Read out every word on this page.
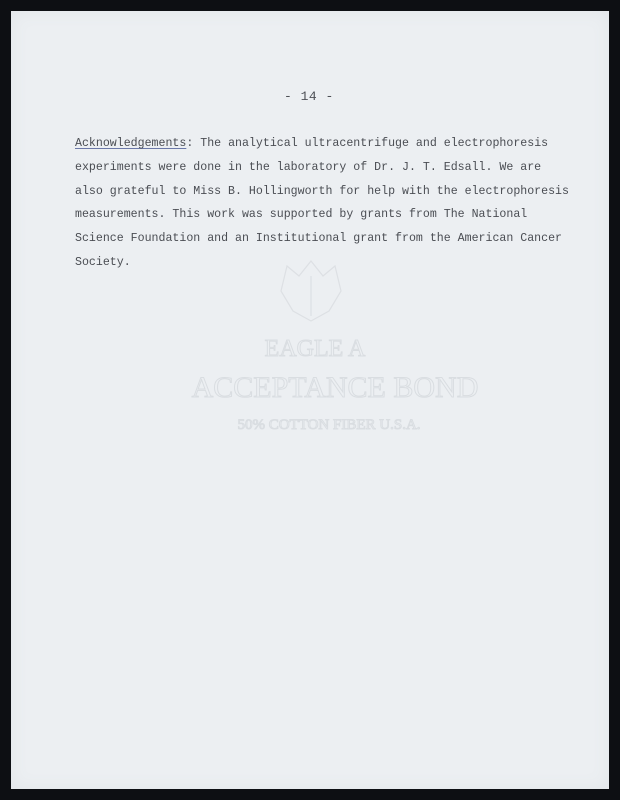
EAGLE A
ACCEPTANCE BOND
50% COTTON FIBER U.S.A.
- 14 -
Acknowledgements: The analytical ultracentrifuge and electrophoresis
experiments were done in the laboratory of Dr. J. T. Edsall. We are
also grateful to Miss B. Hollingworth for help with the electrophoresis
measurements. This work was supported by grants from The National
Science Foundation and an Institutional grant from the American Cancer
Society.
